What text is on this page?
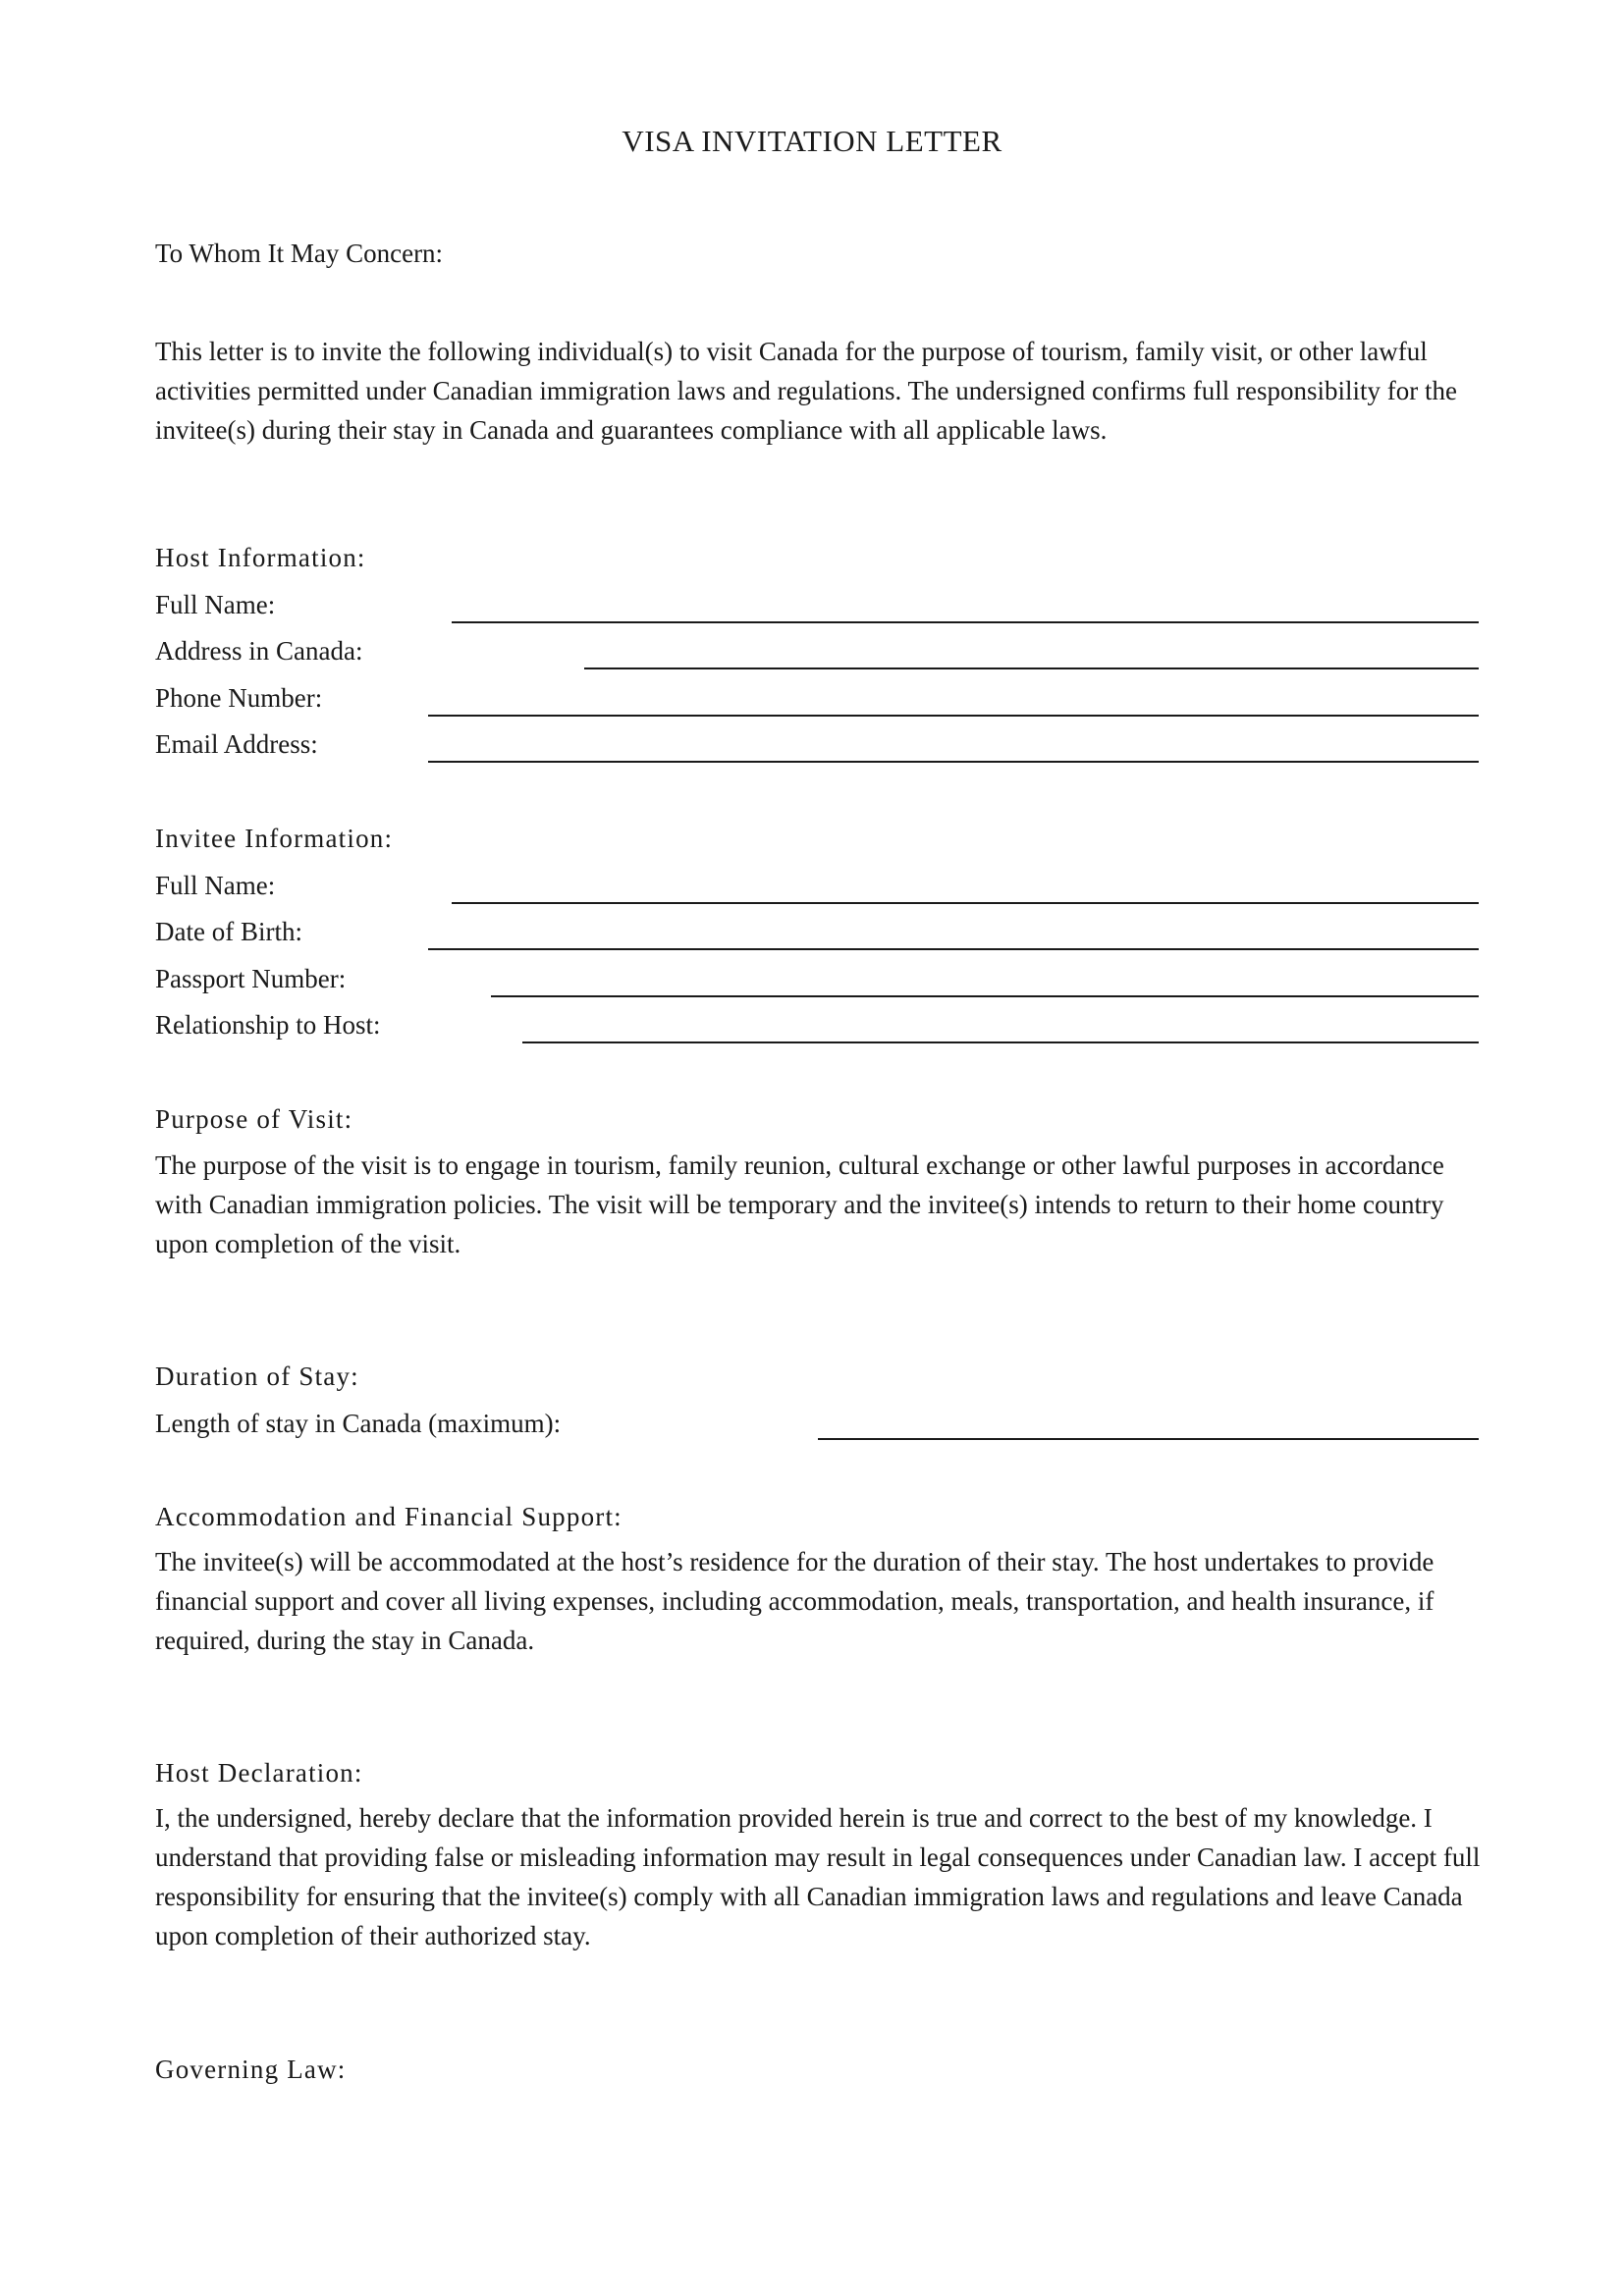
VISA INVITATION LETTER
To Whom It May Concern:

This letter is to invite the following individual(s) to visit Canada for the purpose of tourism, family visit, or other lawful activities permitted under Canadian immigration laws and regulations. The undersigned confirms full responsibility for the invitee(s) during their stay in Canada and guarantees compliance with all applicable laws.

Host Information:
Full Name:
Address in Canada:
Phone Number:
Email Address:
Invitee Information:
Full Name:
Date of Birth:
Passport Number:
Relationship to Host:
Purpose of Visit:

The purpose of the visit is to engage in tourism, family reunion, cultural exchange or other lawful purposes in accordance with Canadian immigration policies. The visit will be temporary and the invitee(s) intends to return to their home country upon completion of the visit.

Duration of Stay:
Length of stay in Canada (maximum):
Accommodation and Financial Support:

The invitee(s) will be accommodated at the host’s residence for the duration of their stay. The host undertakes to provide financial support and cover all living expenses, including accommodation, meals, transportation, and health insurance, if required, during the stay in Canada.

Host Declaration:

I, the undersigned, hereby declare that the information provided herein is true and correct to the best of my knowledge. I understand that providing false or misleading information may result in legal consequences under Canadian law. I accept full responsibility for ensuring that the invitee(s) comply with all Canadian immigration laws and regulations and leave Canada upon completion of their authorized stay.

Governing Law:
